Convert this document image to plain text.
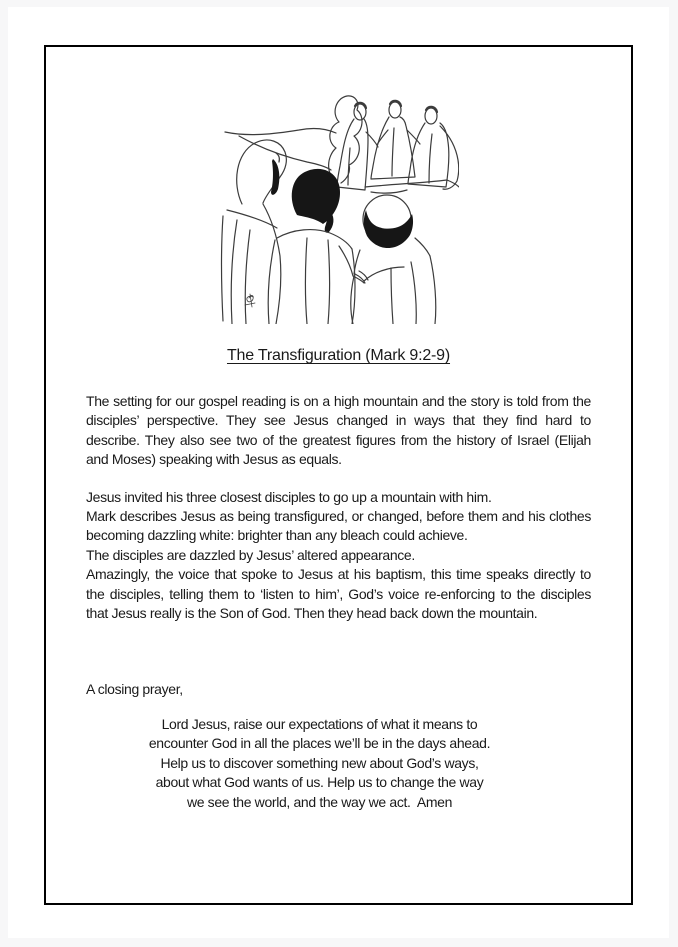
The Transfiguration (Mark 9:2-9)

The setting for our gospel reading is on a high mountain and the story is told from the disciples’ perspective. They see Jesus changed in ways that they find hard to describe. They also see two of the greatest figures from the history of Israel (Elijah and Moses) speaking with Jesus as equals.

Jesus invited his three closest disciples to go up a mountain with him.

Mark describes Jesus as being transfigured, or changed, before them and his clothes becoming dazzling white: brighter than any bleach could achieve.

The disciples are dazzled by Jesus’ altered appearance.

Amazingly, the voice that spoke to Jesus at his baptism, this time speaks directly to the disciples, telling them to ‘listen to him’, God’s voice re-enforcing to the disciples that Jesus really is the Son of God. Then they head back down the mountain.

A closing prayer,

Lord Jesus, raise our expectations of what it means to
encounter God in all the places we’ll be in the days ahead.
Help us to discover something new about God’s ways,
about what God wants of us. Help us to change the way
we see the world, and the way we act.  Amen
